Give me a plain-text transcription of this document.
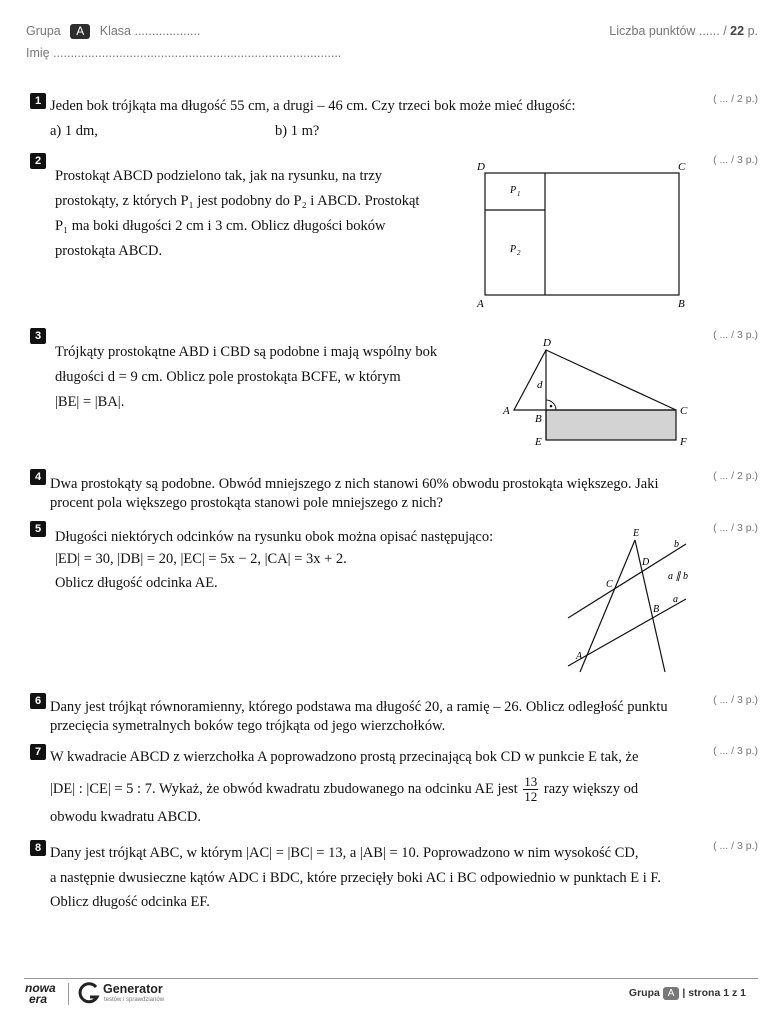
Grupa A Klasa ...................	Liczba punktów ...... / 22 p.
Imię ...................................................................................
1	( ... / 2 p.)
Jeden bok trójkąta ma długość 55 cm, a drugi – 46 cm. Czy trzeci bok może mieć długość:
a) 1 dm,	b) 1 m?
2	( ... / 3 p.)
Prostokąt ABCD podzielono tak, jak na rysunku, na trzy
prostokąty, z których P₁ jest podobny do P₂ i ABCD. Prostokąt
P₁ ma boki długości 2 cm i 3 cm. Oblicz długości boków
prostokąta ABCD.
D	C
A	B
P 1
P 2
3	( ... / 3 p.)
Trójkąty prostokątne ABD i CBD są podobne i mają wspólny bok
długości d = 9 cm. Oblicz pole prostokąta BCFE, w którym
|BE| = |BA|.
D
d
A
B
C
E	F
4	( ... / 2 p.)
Dwa prostokąty są podobne. Obwód mniejszego z nich stanowi 60% obwodu prostokąta większego. Jaki
procent pola większego prostokąta stanowi pole mniejszego z nich?
5	( ... / 3 p.)
Długości niektórych odcinków na rysunku obok można opisać następująco:
|ED| = 30, |DB| = 20, |EC| = 5x − 2, |CA| = 3x + 2.
Oblicz długość odcinka AE.
E
D
C
B
A
b
a
a ∥ b
6	( ... / 3 p.)
Dany jest trójkąt równoramienny, którego podstawa ma długość 20, a ramię – 26. Oblicz odległość punktu
przecięcia symetralnych boków tego trójkąta od jego wierzchołków.
7	( ... / 3 p.)
W kwadracie ABCD z wierzchołka A poprowadzono prostą przecinającą bok CD w punkcie E tak, że
|DE| : |CE| = 5 : 7. Wykaż, że obwód kwadratu zbudowanego na odcinku AE jest $\frac{13}{12}$ razy większy od
obwodu kwadratu ABCD.
8	( ... / 3 p.)
Dany jest trójkąt ABC, w którym |AC| = |BC| = 13, a |AB| = 10. Poprowadzono w nim wysokość CD,
a następnie dwusieczne kątów ADC i BDC, które przecięły boki AC i BC odpowiednio w punktach E i F.
Oblicz długość odcinka EF.
nowa
era
Generator
testów i sprawdzianów
Grupa A | strona 1 z 1
